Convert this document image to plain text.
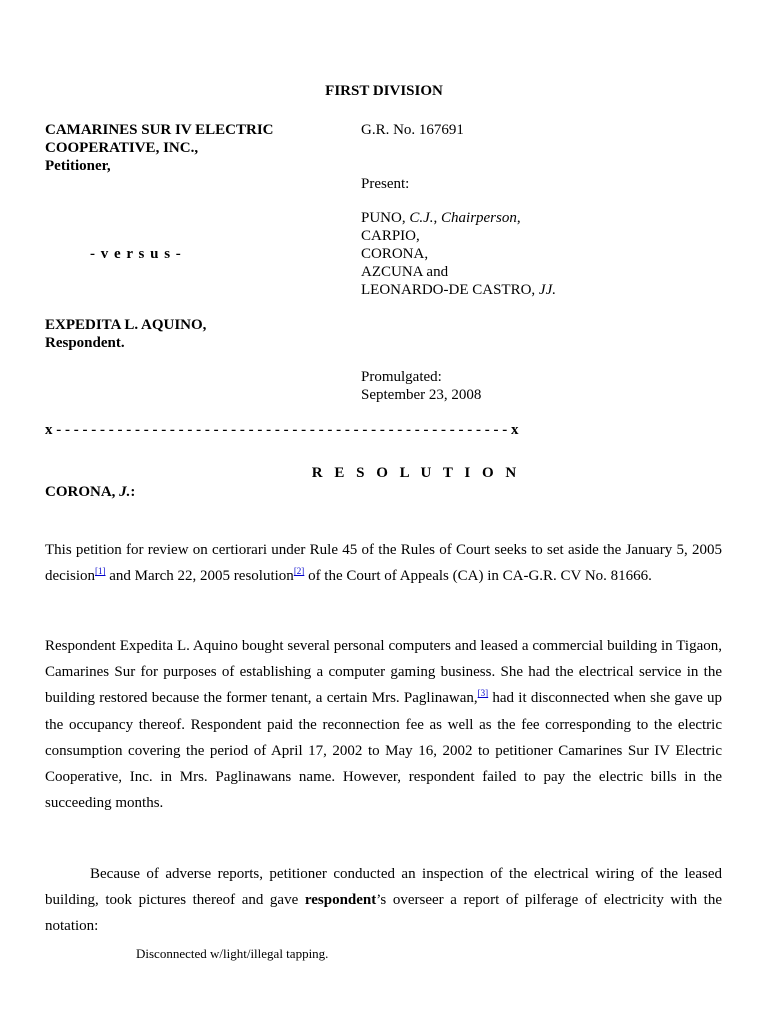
FIRST DIVISION
CAMARINES SUR IV ELECTRIC
COOPERATIVE, INC.,
Petitioner,
- v e r s u s -
EXPEDITA L. AQUINO,
Respondent.
G.R. No. 167691
Present:
PUNO, C.J., Chairperson,
CARPIO,
CORONA,
AZCUNA and
LEONARDO-DE CASTRO, JJ.
Promulgated:
September 23, 2008
x - - - - - - - - - - - - - - - - - - - - - - - - - - - - - - - - - - - - - - - - - - - - - - - - - - - - x
R E S O L U T I O N
CORONA, J.:
This petition for review on certiorari under Rule 45 of the Rules of Court seeks to set aside the January 5, 2005 decision[1] and March 22, 2005 resolution[2] of the Court of Appeals (CA) in CA-G.R. CV No. 81666.
Respondent Expedita L. Aquino bought several personal computers and leased a commercial building in Tigaon, Camarines Sur for purposes of establishing a computer gaming business. She had the electrical service in the building restored because the former tenant, a certain Mrs. Paglinawan,[3] had it disconnected when she gave up the occupancy thereof. Respondent paid the reconnection fee as well as the fee corresponding to the electric consumption covering the period of April 17, 2002 to May 16, 2002 to petitioner Camarines Sur IV Electric Cooperative, Inc. in Mrs. Paglinawans name. However, respondent failed to pay the electric bills in the succeeding months.
Because of adverse reports, petitioner conducted an inspection of the electrical wiring of the leased building, took pictures thereof and gave respondent’s overseer a report of pilferage of electricity with the notation:
Disconnected w/light/illegal tapping.
